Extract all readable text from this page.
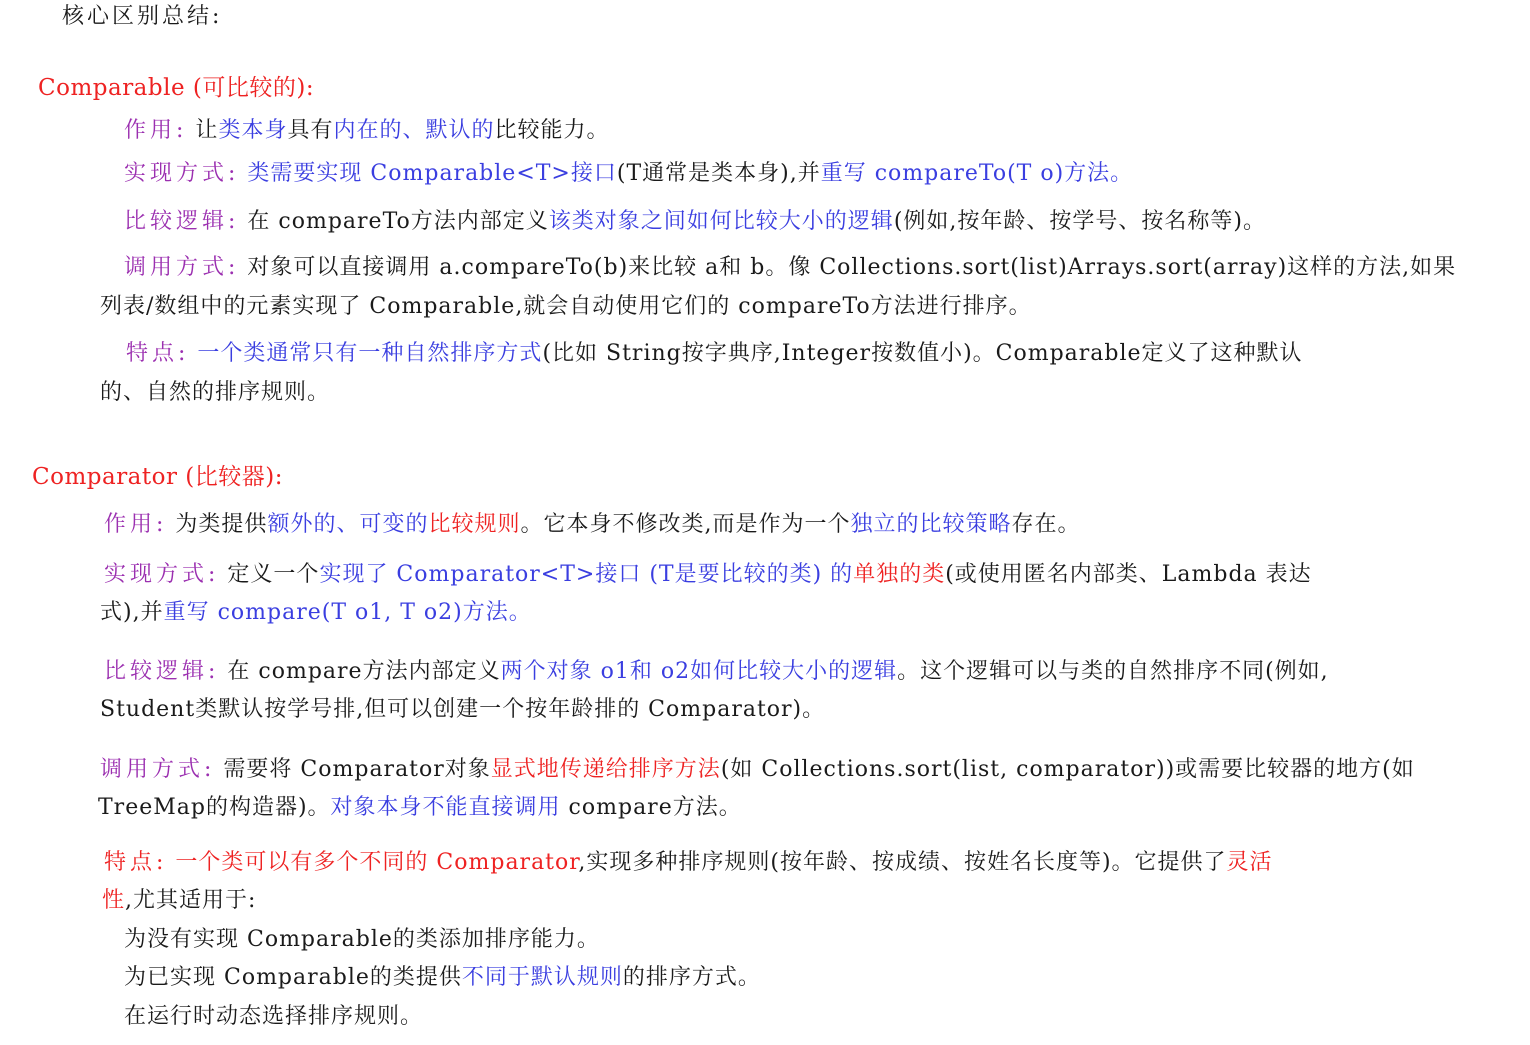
核心区别总结:
Comparable (可比较的):
作用: 让类本身具有内在的、默认的比较能力。
实现方式: 类需要实现 Comparable<T>接口(T通常是类本身),并重写 compareTo(T o)方法。
比较逻辑: 在 compareTo方法内部定义该类对象之间如何比较大小的逻辑(例如,按年龄、按学号、按名称等)。
调用方式: 对象可以直接调用 a.compareTo(b)来比较 a和 b。像 Collections.sort(list)Arrays.sort(array)这样的方法,如果
列表/数组中的元素实现了 Comparable,就会自动使用它们的 compareTo方法进行排序。
特点: 一个类通常只有一种自然排序方式(比如 String按字典序,Integer按数值小)。Comparable定义了这种默认
的、自然的排序规则。
Comparator (比较器):
作用: 为类提供额外的、可变的比较规则。它本身不修改类,而是作为一个独立的比较策略存在。
实现方式: 定义一个实现了 Comparator<T>接口 (T是要比较的类) 的单独的类(或使用匿名内部类、Lambda 表达
式),并重写 compare(T o1, T o2)方法。
比较逻辑: 在 compare方法内部定义两个对象 o1和 o2如何比较大小的逻辑。这个逻辑可以与类的自然排序不同(例如,
Student类默认按学号排,但可以创建一个按年龄排的 Comparator)。
调用方式: 需要将 Comparator对象显式地传递给排序方法(如 Collections.sort(list, comparator))或需要比较器的地方(如
TreeMap的构造器)。对象本身不能直接调用 compare方法。
特点: 一个类可以有多个不同的 Comparator,实现多种排序规则(按年龄、按成绩、按姓名长度等)。它提供了灵活
性,尤其适用于:
为没有实现 Comparable的类添加排序能力。
为已实现 Comparable的类提供不同于默认规则的排序方式。
在运行时动态选择排序规则。
